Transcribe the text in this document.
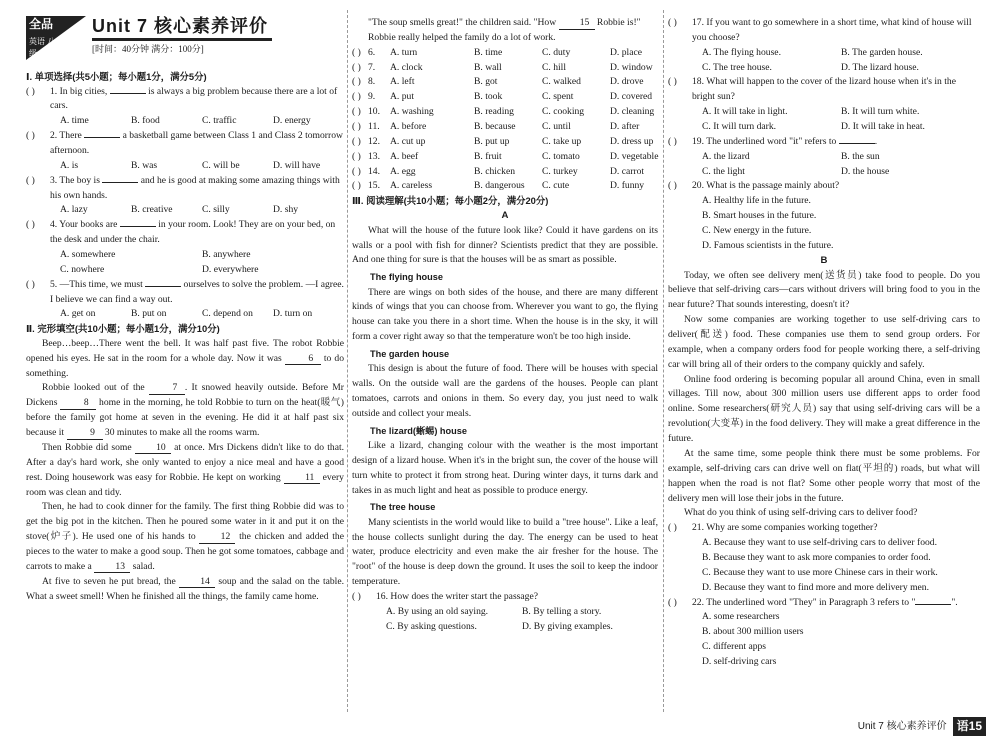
全品
英语 八年级
Unit 7 核心素养评价
[时间：40分钟 满分：100分]
Ⅰ. 单项选择(共5小题；每小题1分，满分5分)
( )	1. In big cities,	is always a big problem because there are a lot of cars.
A. time	B. food	C. traffic	D. energy
( )	2. There	a basketball game between Class 1 and Class 2 tomorrow afternoon.
A. is	B. was	C. will be	D. will have
( )	3. The boy is	and he is good at making some amazing things with his own hands.
A. lazy	B. creative	C. silly	D. shy
( )	4. Your books are	in your room. Look! They are on your bed, on the desk and under the chair.
A. somewhere	B. anywhere
C. nowhere	D. everywhere
( )	5. —This time, we must	ourselves to solve the problem. —I agree. I believe we can find a way out.
A. get on	B. put on	C. depend on	D. turn on
Ⅱ. 完形填空(共10小题；每小题1分，满分10分)
Beep…beep…There went the bell. It was half past five. The robot Robbie opened his eyes. He sat in the room for a whole day. Now it was 6 to do something.
Robbie looked out of the 7 . It snowed heavily outside. Before Mr Dickens 8 home in the morning, he told Robbie to turn on the heat(暖气) before the family got home at seven in the evening. He did it at half past six because it 9 30 minutes to make all the rooms warm.
Then Robbie did some 10 at once. Mrs Dickens didn't like to do that. After a day's hard work, she only wanted to enjoy a nice meal and have a good rest. Doing housework was easy for Robbie. He kept on working 11 every room was clean and tidy.
Then, he had to cook dinner for the family. The first thing Robbie did was to get the big pot in the kitchen. Then he poured some water in it and put it on the stove(炉子). He used one of his hands to 12 the chicken and added the pieces to the water to make a good soup. Then he got some tomatoes, cabbage and carrots to make a 13 salad.
At five to seven he put bread, the 14 soup and the salad on the table. What a sweet smell! When he finished all the things, the family came home.
"The soup smells great!" the children said. "How 15 Robbie is!"
Robbie really helped the family do a lot of work.
( ) 6.	A. turn	B. time	C. duty	D. place
( ) 7.	A. clock	B. wall	C. hill	D. window
( ) 8.	A. left	B. got	C. walked	D. drove
( ) 9.	A. put	B. took	C. spent	D. covered
( ) 10.	A. washing	B. reading	C. cooking	D. cleaning
( ) 11.	A. before	B. because	C. until	D. after
( ) 12.	A. cut up	B. put up	C. take up	D. dress up
( ) 13.	A. beef	B. fruit	C. tomato	D. vegetable
( ) 14.	A. egg	B. chicken	C. turkey	D. carrot
( ) 15.	A. careless	B. dangerous	C. cute	D. funny
Ⅲ. 阅读理解(共10小题；每小题2分，满分20分)
A
What will the house of the future look like? Could it have gardens on its walls or a pool with fish for dinner? Scientists predict that they are possible. And one thing for sure is that the houses will be as smart as possible.
The flying house
There are wings on both sides of the house, and there are many different kinds of wings that you can choose from. Wherever you want to go, the flying house can take you there in a short time. When the house is in the sky, it will form a cover right away so that the temperature won't be too high inside.
The garden house
This design is about the future of food. There will be houses with special walls. On the outside wall are the gardens of the houses. People can plant tomatoes, carrots and onions in them. So every day, you just need to walk outside and collect your meals.
The lizard(蜥蜴) house
Like a lizard, changing colour with the weather is the most important design of a lizard house. When it's in the bright sun, the cover of the house will turn white to protect it from strong heat. During winter days, it turns dark and takes in as much light and heat as possible to produce energy.
The tree house
Many scientists in the world would like to build a "tree house". Like a leaf, the house collects sunlight during the day. The energy can be used to heat water, produce electricity and even make the air fresher for the house. The "root" of the house is deep down the ground. It uses the soil to keep the indoor temperature.
( )	16. How does the writer start the passage?
A. By using an old saying.	B. By telling a story.
C. By asking questions.	D. By giving examples.
( )	17. If you want to go somewhere in a short time, what kind of house will you choose?
A. The flying house.	B. The garden house.
C. The tree house.	D. The lizard house.
( )	18. What will happen to the cover of the lizard house when it's in the bright sun?
A. It will take in light.	B. It will turn white.
C. It will turn dark.	D. It will take in heat.
( )	19. The underlined word "it" refers to	.
A. the lizard	B. the sun
C. the light	D. the house
( )	20. What is the passage mainly about?
A. Healthy life in the future.
B. Smart houses in the future.
C. New energy in the future.
D. Famous scientists in the future.
B
Today, we often see delivery men(送货员) take food to people. Do you believe that self-driving cars—cars without drivers will bring food to you in the near future? That sounds interesting, doesn't it?
Now some companies are working together to use self-driving cars to deliver(配送) food. These companies use them to send group orders. For example, when a company orders food for people working there, a self-driving car will bring all of their orders to the company quickly and safely.
Online food ordering is becoming popular all around China, even in small villages. Till now, about 300 million users use different apps to order food online. Some researchers(研究人员) say that using self-driving cars will be a revolution(大变革) in the food delivery. They will make a great difference in the future.
At the same time, some people think there must be some problems. For example, self-driving cars can drive well on flat(平坦的) roads, but what will happen when the road is not flat? Some other people worry that most of the delivery men will lose their jobs in the future.
What do you think of using self-driving cars to deliver food?
( )	21. Why are some companies working together?
A. Because they want to use self-driving cars to deliver food.
B. Because they want to ask more companies to order food.
C. Because they want to use more Chinese cars in their work.
D. Because they want to find more and more delivery men.
( )	22. The underlined word "They" in Paragraph 3 refers to "	".
A. some researchers
B. about 300 million users
C. different apps
D. self-driving cars
Unit 7 核心素养评价 语15
